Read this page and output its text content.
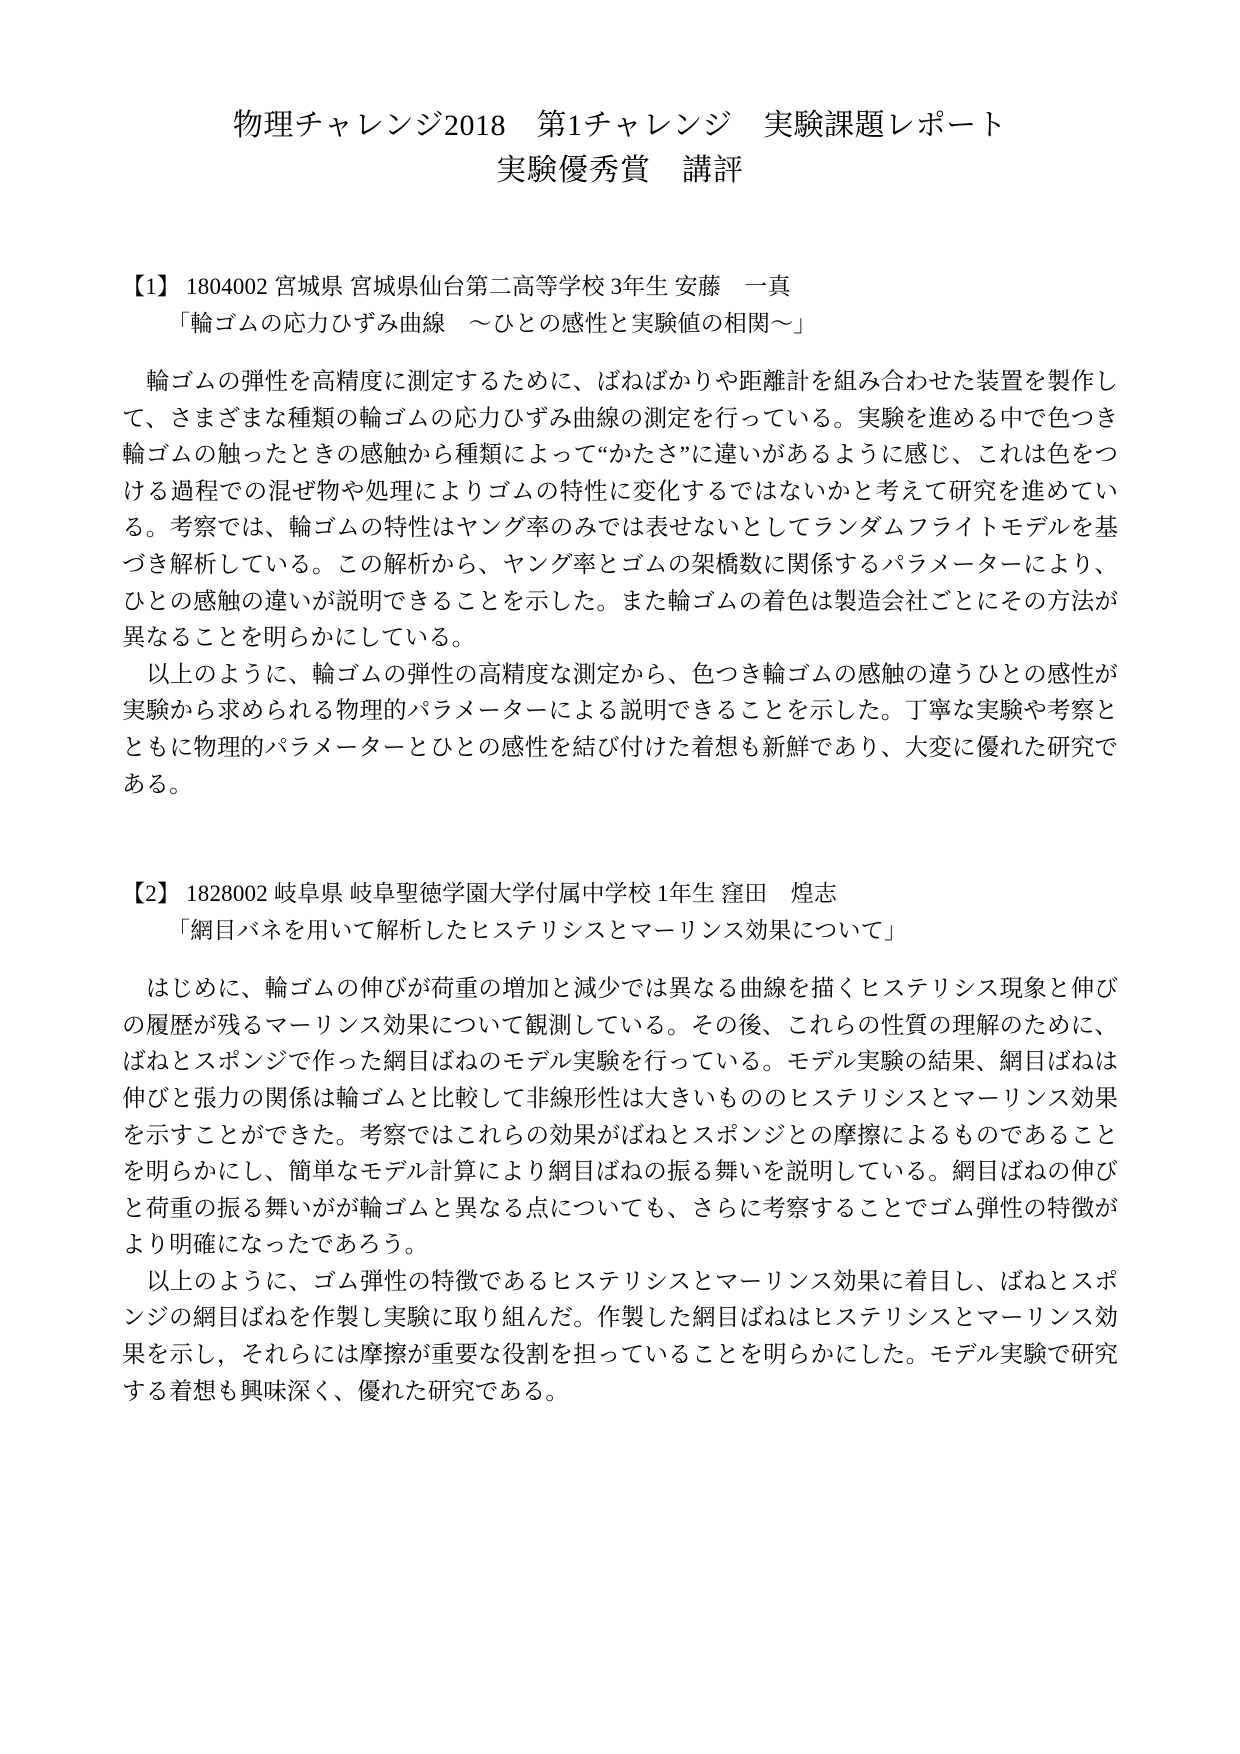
物理チャレンジ2018　第1チャレンジ　実験課題レポート
実験優秀賞　講評
【1】 1804002 宮城県 宮城県仙台第二高等学校 3年生 安藤　一真
「輪ゴムの応力ひずみ曲線　～ひとの感性と実験値の相関～」

輪ゴムの弾性を高精度に測定するために、ばねばかりや距離計を組み合わせた装置を製作して、さまざまな種類の輪ゴムの応力ひずみ曲線の測定を行っている。実験を進める中で色つき輪ゴムの触ったときの感触から種類によって“かたさ”に違いがあるように感じ、これは色をつける過程での混ぜ物や処理によりゴムの特性に変化するではないかと考えて研究を進めている。考察では、輪ゴムの特性はヤング率のみでは表せないとしてランダムフライトモデルを基づき解析している。この解析から、ヤング率とゴムの架橋数に関係するパラメーターにより、ひとの感触の違いが説明できることを示した。また輪ゴムの着色は製造会社ごとにその方法が異なることを明らかにしている。

以上のように、輪ゴムの弾性の高精度な測定から、色つき輪ゴムの感触の違うひとの感性が実験から求められる物理的パラメーターによる説明できることを示した。丁寧な実験や考察とともに物理的パラメーターとひとの感性を結び付けた着想も新鮮であり、大変に優れた研究である。

【2】 1828002 岐阜県 岐阜聖徳学園大学付属中学校 1年生 窪田　煌志
「網目バネを用いて解析したヒステリシスとマーリンス効果について」

はじめに、輪ゴムの伸びが荷重の増加と減少では異なる曲線を描くヒステリシス現象と伸びの履歴が残るマーリンス効果について観測している。その後、これらの性質の理解のために、ばねとスポンジで作った網目ばねのモデル実験を行っている。モデル実験の結果、網目ばねは伸びと張力の関係は輪ゴムと比較して非線形性は大きいもののヒステリシスとマーリンス効果を示すことができた。考察ではこれらの効果がばねとスポンジとの摩擦によるものであることを明らかにし、簡単なモデル計算により網目ばねの振る舞いを説明している。網目ばねの伸びと荷重の振る舞いがが輪ゴムと異なる点についても、さらに考察することでゴム弾性の特徴がより明確になったであろう。

以上のように、ゴム弾性の特徴であるヒステリシスとマーリンス効果に着目し、ばねとスポンジの網目ばねを作製し実験に取り組んだ。作製した網目ばねはヒステリシスとマーリンス効果を示し，それらには摩擦が重要な役割を担っていることを明らかにした。モデル実験で研究する着想も興味深く、優れた研究である。
